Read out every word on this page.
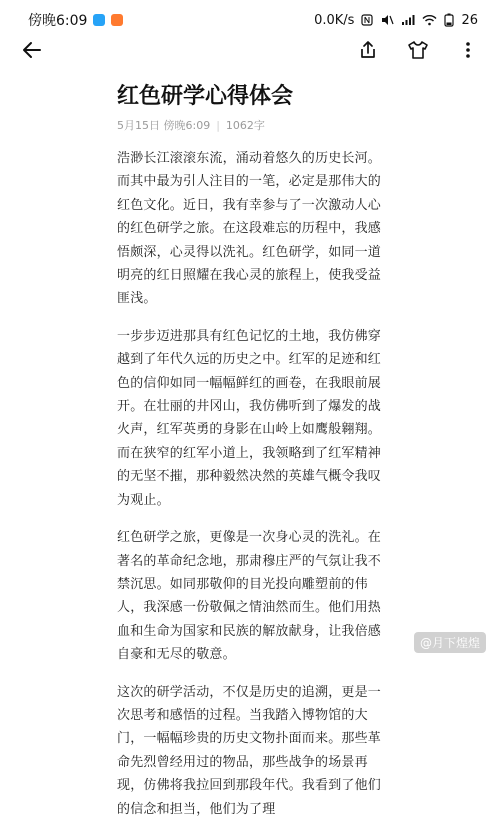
傍晚6:09	0.0K/s	26
红色研学心得体会
5月15日 傍晚6:09 | 1062字

浩渺长江滚滚东流，涌动着悠久的历史长河。而其中最为引人注目的一笔，必定是那伟大的红色文化。近日，我有幸参与了一次激动人心的红色研学之旅。在这段难忘的历程中，我感悟颇深，心灵得以洗礼。红色研学，如同一道明亮的红日照耀在我心灵的旅程上，使我受益匪浅。

一步步迈进那具有红色记忆的土地，我仿佛穿越到了年代久远的历史之中。红军的足迹和红色的信仰如同一幅幅鲜红的画卷，在我眼前展开。在壮丽的井冈山，我仿佛听到了爆发的战火声，红军英勇的身影在山岭上如鹰般翱翔。而在狭窄的红军小道上，我领略到了红军精神的无坚不摧，那种毅然决然的英雄气概令我叹为观止。

红色研学之旅，更像是一次身心灵的洗礼。在著名的革命纪念地，那肃穆庄严的气氛让我不禁沉思。如同那敬仰的目光投向雕塑前的伟人，我深感一份敬佩之情油然而生。他们用热血和生命为国家和民族的解放献身，让我倍感自豪和无尽的敬意。

这次的研学活动，不仅是历史的追溯，更是一次思考和感悟的过程。当我踏入博物馆的大门，一幅幅珍贵的历史文物扑面而来。那些革命先烈曾经用过的物品，那些战争的场景再现，仿佛将我拉回到那段年代。我看到了他们的信念和担当，他们为了理

@月下煌煌
